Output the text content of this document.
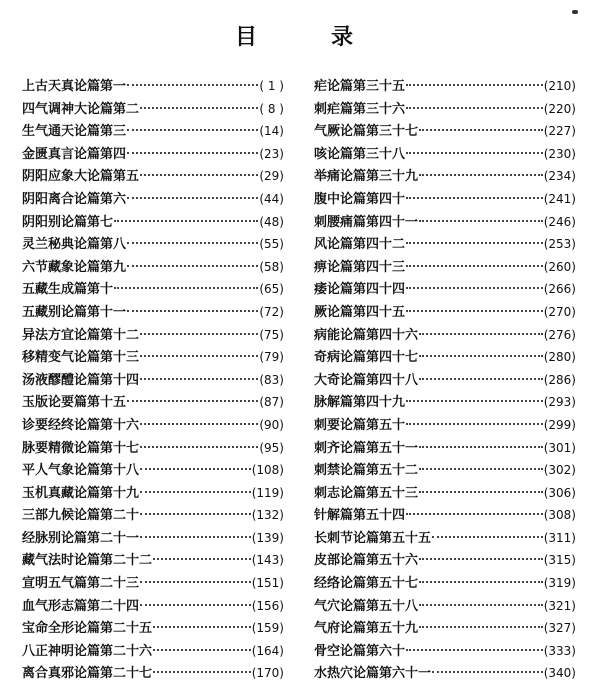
目　录
上古天真论篇第一	( 1 )
四气调神大论篇第二	( 8 )
生气通天论篇第三	(14)
金匮真言论篇第四	(23)
阴阳应象大论篇第五	(29)
阴阳离合论篇第六	(44)
阴阳别论篇第七	(48)
灵兰秘典论篇第八	(55)
六节藏象论篇第九	(58)
五藏生成篇第十	(65)
五藏别论篇第十一	(72)
异法方宜论篇第十二	(75)
移精变气论篇第十三	(79)
汤液醪醴论篇第十四	(83)
玉版论要篇第十五	(87)
诊要经终论篇第十六	(90)
脉要精微论篇第十七	(95)
平人气象论篇第十八	(108)
玉机真藏论篇第十九	(119)
三部九候论篇第二十	(132)
经脉别论篇第二十一	(139)
藏气法时论篇第二十二	(143)
宣明五气篇第二十三	(151)
血气形志篇第二十四	(156)
宝命全形论篇第二十五	(159)
八正神明论篇第二十六	(164)
离合真邪论篇第二十七	(170)
疟论篇第三十五	(210)
刺疟篇第三十六	(220)
气厥论篇第三十七	(227)
咳论篇第三十八	(230)
举痛论篇第三十九	(234)
腹中论篇第四十	(241)
刺腰痛篇第四十一	(246)
风论篇第四十二	(253)
痹论篇第四十三	(260)
痿论篇第四十四	(266)
厥论篇第四十五	(270)
病能论篇第四十六	(276)
奇病论篇第四十七	(280)
大奇论篇第四十八	(286)
脉解篇第四十九	(293)
刺要论篇第五十	(299)
刺齐论篇第五十一	(301)
刺禁论篇第五十二	(302)
刺志论篇第五十三	(306)
针解篇第五十四	(308)
长刺节论篇第五十五	(311)
皮部论篇第五十六	(315)
经络论篇第五十七	(319)
气穴论篇第五十八	(321)
气府论篇第五十九	(327)
骨空论篇第六十	(333)
水热穴论篇第六十一	(340)
